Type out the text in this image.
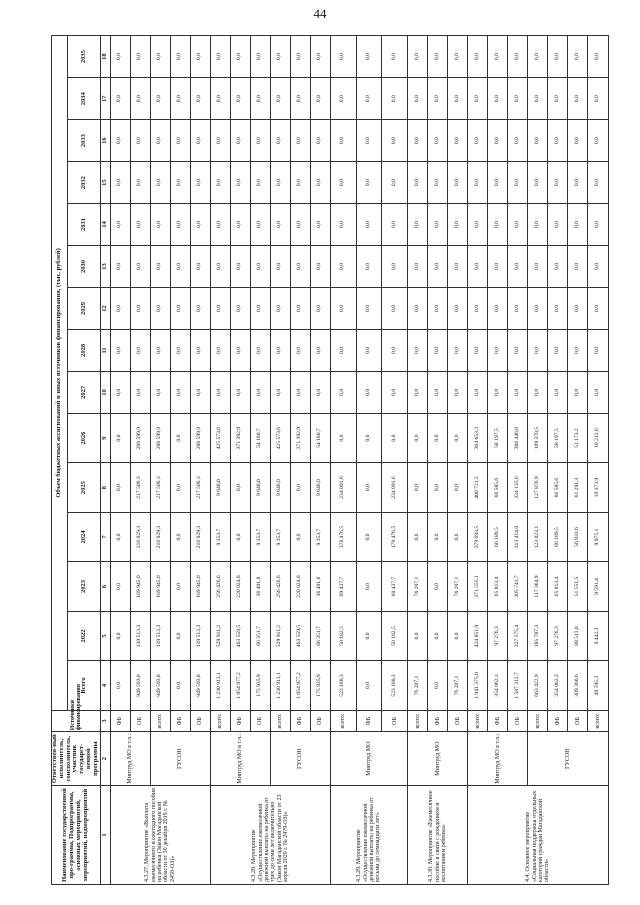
44
Наименование государственной про-граммы, Подпрограммы, основных мероприятий, мероприятий, подмероприятий	Ответствен-ный исполнитель, соисполнитель, участник государст-венной программы	Источники финансирования	Объем бюджетных ассигнований и иных источников финансирования, (тыс. рублей)														
			Всего	2022	2023	2024	2025	2026	2027	2028	2029	2030	2031	2032	2033	2034	2035
1	2	3	4	5	6	7	8	9	10	11	12	13	14	15	16	17	18
4.3.27. Мероприятие «Выплата ежемесячного и ежегодного пособия на ребенка (Закон Магаданской области от 30 декабря 2019 г. № 2458-ОЗ)»	Минтруд МО в т.ч.:	ФБ	0,0	0,0	0,0	0,0	0,0	0,0	0,0	0,0	0,0	0,0	0,0	0,0	0,0	0,0	0,0
		ОБ	949 593,8	139 513,3	169 945,0	216 029,3	217 506,3	206 599,9	0,0	0,0	0,0	0,0	0,0	0,0	0,0	0,0	0,0
	ГУСОН	всего:	949 593,8	139 513,3	169 945,0	216 029,3	217 506,3	206 599,9	0,0	0,0	0,0	0,0	0,0	0,0	0,0	0,0	0,0
		ФБ	0,0	0,0	0,0	0,0	0,0	0,0	0,0	0,0	0,0	0,0	0,0	0,0	0,0	0,0	0,0
		ОБ	949 593,8	139 513,3	169 945,0	216 029,3	217 506,3	206 599,9	0,0	0,0	0,0	0,0	0,0	0,0	0,0	0,0	0,0
4.3.28. Мероприятие «Осуществление ежемесячной денежной выплаты на ребенка от трех до семи лет включительно (Закон Магаданской области от 23 апреля 2020 г. № 2479-ОЗ)»	Минтруд МО в т.ч.:	всего:	1 230 913,1	529 911,2	256 426,6	9 353,7	9 648,0	425 573,6	0,0	0,0	0,0	0,0	0,0	0,0	0,0	0,0	0,0
		ФБ	1 054 977,2	463 559,5	220 024,8	0,0	0,0	371 392,9	0,0	0,0	0,0	0,0	0,0	0,0	0,0	0,0	0,0
		ОБ	175 935,9	66 351,7	36 401,8	9 353,7	9 648,0	54 180,7	0,0	0,0	0,0	0,0	0,0	0,0	0,0	0,0	0,0
	ГУСОН	всего:	1 230 913,1	529 911,2	256 426,6	9 353,7	9 648,0	425 573,6	0,0	0,0	0,0	0,0	0,0	0,0	0,0	0,0	0,0
		ФБ	1 054 977,2	463 559,5	220 024,8	0,0	0,0	371 392,9	0,0	0,0	0,0	0,0	0,0	0,0	0,0	0,0	0,0
		ОБ	175 935,9	66 351,7	36 401,8	9 353,7	9 648,0	54 180,7	0,0	0,0	0,0	0,0	0,0	0,0	0,0	0,0	0,0
4.3.29. Мероприятие «Осуществление ежемесячной денежной выплаты на ребенка от восьми до семнадцати лет»	Минтруд МО	всего:	523 188,3	50 182,5	69 437,7	178 476,5	234 091,6	0,0	0,0	0,0	0,0	0,0	0,0	0,0	0,0	0,0	0,0
		ФБ	0,0	0,0	0,0	0,0	0,0	0,0	0,0	0,0	0,0	0,0	0,0	0,0	0,0	0,0	0,0
		ОБ	523 188,3	50 182,5	60 437,7	178 476,5	234 091,6	0,0	0,0	0,0	0,0	0,0	0,0	0,0	0,0	0,0	0,0
4.3.30. Мероприятие «Ежемесячное пособие в связи с рождением и воспитанием ребенка»	Минтруд МО	всего:	76 207,1	0,0	76 207,1	0,0	0,0	0,0	0,0	0,0	0,0	0,0	0,0	0,0	0,0	0,0	0,0
		ФБ	0,0	0,0	0,0	0,0	0,0	0,0	0,0	0,0	0,0	0,0	0,0	0,0	0,0	0,0	0,0
		ОБ	76 207,1	0,0	76 207,1	0,0	0,0	0,0	0,0	0,0	0,0	0,0	0,0	0,0	0,0	0,0	0,0
4.4. Основное мероприятие «Социальная поддержка отдельных категорий граждан Магаданской области»	Минтруд МО в т.ч.:	всего:	1 941 375,0	424 851,9	371 555,1	379 693,5	400 721,2	364 653,3	0,0	0,0	0,0	0,0	0,0	0,0	0,0	0,0	0,0
		ФБ	354 062,3	97 276,3	65 813,4	66 189,5	66 585,6	58 197,5	0,0	0,0	0,0	0,0	0,0	0,0	0,0	0,0	0,0
		ОБ	1 587 312,7	327 575,4	305 741,7	313 414,0	334 135,6	306 446,0	0,0	0,0	0,0	0,0	0,0	0,0	0,0	0,0	0,0
	ГУСОН	всего:	663 422,9	185 787,3	117 364,9	123 023,1	127 876,9	109 370,5	0,0	0,0	0,0	0,0	0,0	0,0	0,0	0,0	0,0
		ФБ	354 062,3	97 276,3	65 813,4	66 189,5	66 585,6	58 197,5	0,0	0,0	0,0	0,0	0,0	0,0	0,0	0,0	0,0
		ОБ	309 360,6	88 511,0	51 551,5	56 833,6	61 291,3	51 173,2	0,0	0,0	0,0	0,0	0,0	0,0	0,0	0,0	0,0
		всего:	49 595,3	9 442,3	9 591,4	9 975,1	10 373,9	10 212,6	0,0	0,0	0,0	0,0	0,0	0,0	0,0	0,0	0,0
